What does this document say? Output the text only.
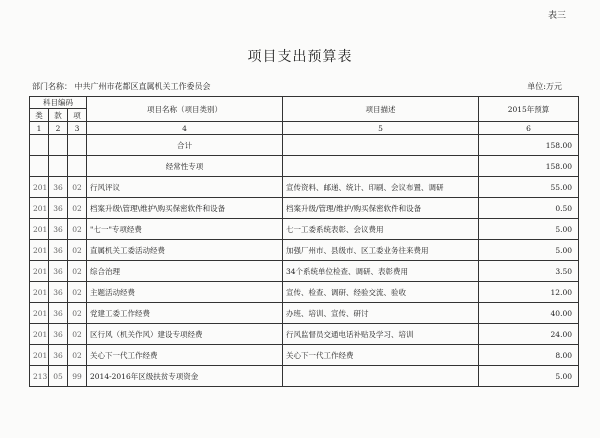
表三
项目支出预算表
部门名称： 中共广州市花都区直属机关工作委员会	单位:万元
科目编码			项目名称（项目类别）	项目描述	2015年预算
类	款	项			
1	2	3	4	5	6
			合计		158.00
			经常性专项		158.00
201	36	02	行风评议	宣传资料、邮递、统计、印刷、会议布置、调研	55.00
201	36	02	档案升级\管理\维护\购买保密软件和设备	档案升级/管理/维护/购买保密软件和设备	0.50
201	36	02	"七一"专项经费	七一工委系统表彰、会议费用	5.00
201	36	02	直属机关工委活动经费	加强厂州市、县级市、区工委业务往来费用	5.00
201	36	02	综合治理	34个系统单位检查、调研、表彰费用	3.50
201	36	02	主题活动经费	宣传、检查、调研、经验交流、验收	12.00
201	36	02	党建工委工作经费	办班、培训、宣传、研讨	40.00
201	36	02	区行风（机关作风）建设专项经费	行风监督员交通电话补贴及学习、培训	24.00
201	36	02	关心下一代工作经费	关心下一代工作经费	8.00
213	05	99	2014-2016年区级扶贫专项资金		5.00
